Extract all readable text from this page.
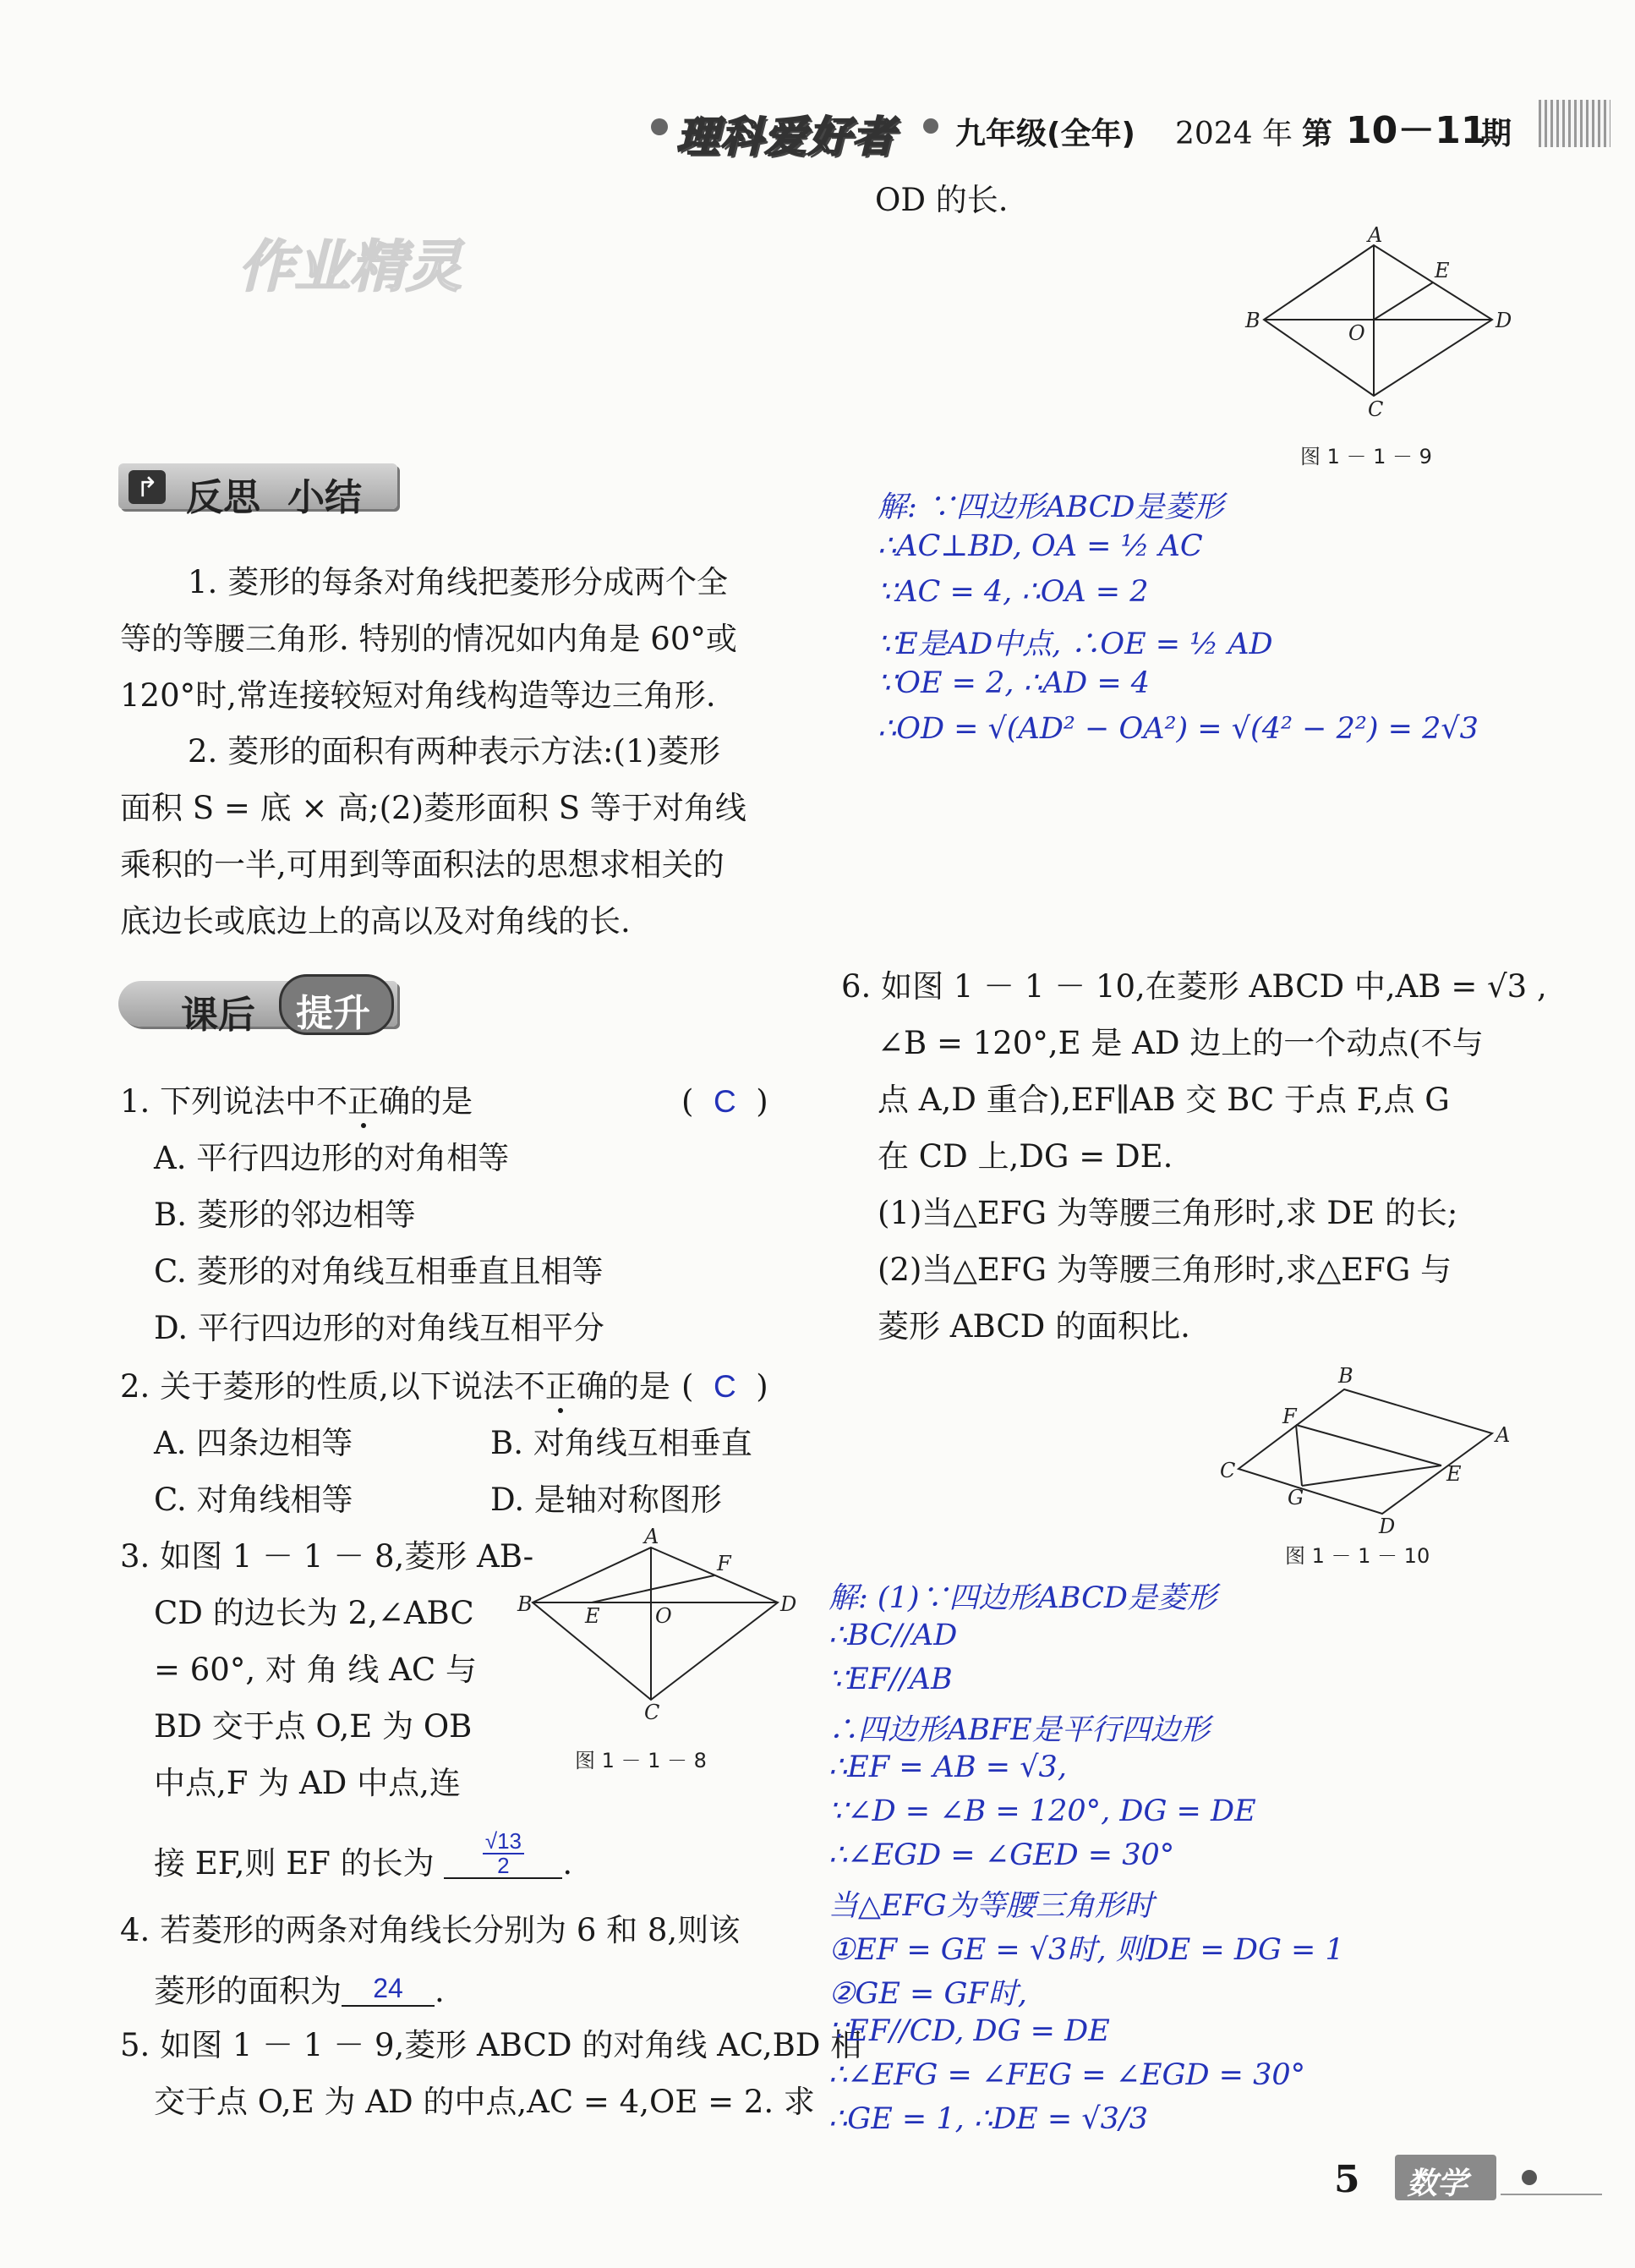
理科爱好者 九年级(全年) 2024 年 第 10－11
期
作业精灵
↱ 反思 小结
1. 菱形的每条对角线把菱形分成两个全
等的等腰三角形. 特别的情况如内角是 60°或
120°时,常连接较短对角线构造等边三角形.
2. 菱形的面积有两种表示方法:(1)菱形
面积 S = 底 × 高;(2)菱形面积 S 等于对角线
乘积的一半,可用到等面积法的思想求相关的
底边长或底边上的高以及对角线的长.
课后 提升
1. 下列说法中不正确的是	(  C  )
A. 平行四边形的对角相等
B. 菱形的邻边相等
C. 菱形的对角线互相垂直且相等
D. 平行四边形的对角线互相平分
2. 关于菱形的性质,以下说法不正确的是 (  C  )
A. 四条边相等	B. 对角线互相垂直
C. 对角线相等	D. 是轴对称图形
3. 如图 1 － 1 － 8,菱形 AB-
CD 的边长为 2,∠ABC
= 60°, 对 角 线 AC 与
BD 交于点 O,E 为 OB
中点,F 为 AD 中点,连
接 EF,则 EF 的长为 $\frac{√13}{2}$ .
A
B
C
D
E
F
O
图 1 － 1 － 8
4. 若菱形的两条对角线长分别为 6 和 8,则该
菱形的面积为 24 .
5. 如图 1 － 1 － 9,菱形 ABCD 的对角线 AC,BD 相
交于点 O,E 为 AD 的中点,AC = 4,OE = 2. 求
OD 的长.
A
B
C
D
E
O
图 1 － 1 － 9
解: ∵四边形ABCD是菱形
∴AC⊥BD, OA = ½ AC
∵AC = 4, ∴OA = 2
∵E是AD中点, ∴OE = ½ AD
∵OE = 2, ∴AD = 4
∴OD = √(AD² − OA²) = √(4² − 2²) = 2√3
6. 如图 1 － 1 － 10,在菱形 ABCD 中,AB = √3 ,
∠B = 120°,E 是 AD 边上的一个动点(不与
点 A,D 重合),EF∥AB 交 BC 于点 F,点 G
在 CD 上,DG = DE.
(1)当△EFG 为等腰三角形时,求 DE 的长;
(2)当△EFG 为等腰三角形时,求△EFG 与
菱形 ABCD 的面积比.
B
A
C
D
E
F
G
图 1 － 1 － 10
解: (1)∵四边形ABCD是菱形
∴BC//AD
∵EF//AB
∴四边形ABFE是平行四边形
∴EF = AB = √3,
∵∠D = ∠B = 120°, DG = DE
∴∠EGD = ∠GED = 30°
当△EFG为等腰三角形时
①EF = GE = √3时, 则DE = DG = 1
②GE = GF时,
∵EF//CD, DG = DE
∴∠EFG = ∠FEG = ∠EGD = 30°
∴GE = 1, ∴DE = √3/3
5 数学
